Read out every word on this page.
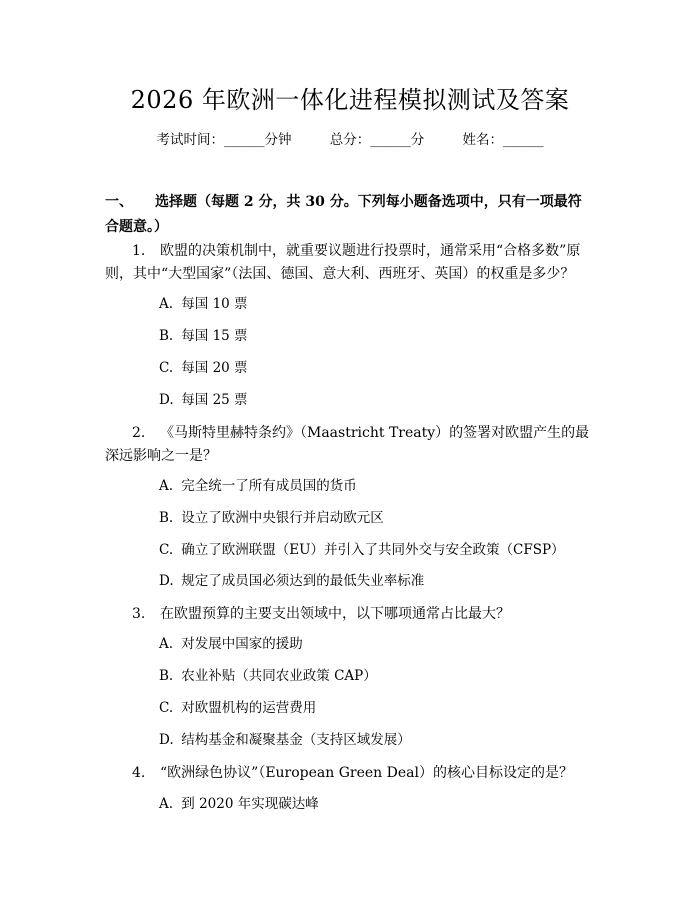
2026 年欧洲一体化进程模拟测试及答案
考试时间：______分钟	总分：______分	姓名：______
一、 选择题（每题 2 分，共 30 分。下列每小题备选项中，只有一项最符合题意。）
1. 欧盟的决策机制中，就重要议题进行投票时，通常采用“合格多数”原则，其中“大型国家”（法国、德国、意大利、西班牙、英国）的权重是多少？
A. 每国 10 票
B. 每国 15 票
C. 每国 20 票
D. 每国 25 票
2. 《马斯特里赫特条约》（Maastricht Treaty）的签署对欧盟产生的最深远影响之一是？
A. 完全统一了所有成员国的货币
B. 设立了欧洲中央银行并启动欧元区
C. 确立了欧洲联盟（EU）并引入了共同外交与安全政策（CFSP）
D. 规定了成员国必须达到的最低失业率标准
3. 在欧盟预算的主要支出领域中，以下哪项通常占比最大？
A. 对发展中国家的援助
B. 农业补贴（共同农业政策 CAP）
C. 对欧盟机构的运营费用
D. 结构基金和凝聚基金（支持区域发展）
4. “欧洲绿色协议”（European Green Deal）的核心目标设定的是？
A. 到 2020 年实现碳达峰
